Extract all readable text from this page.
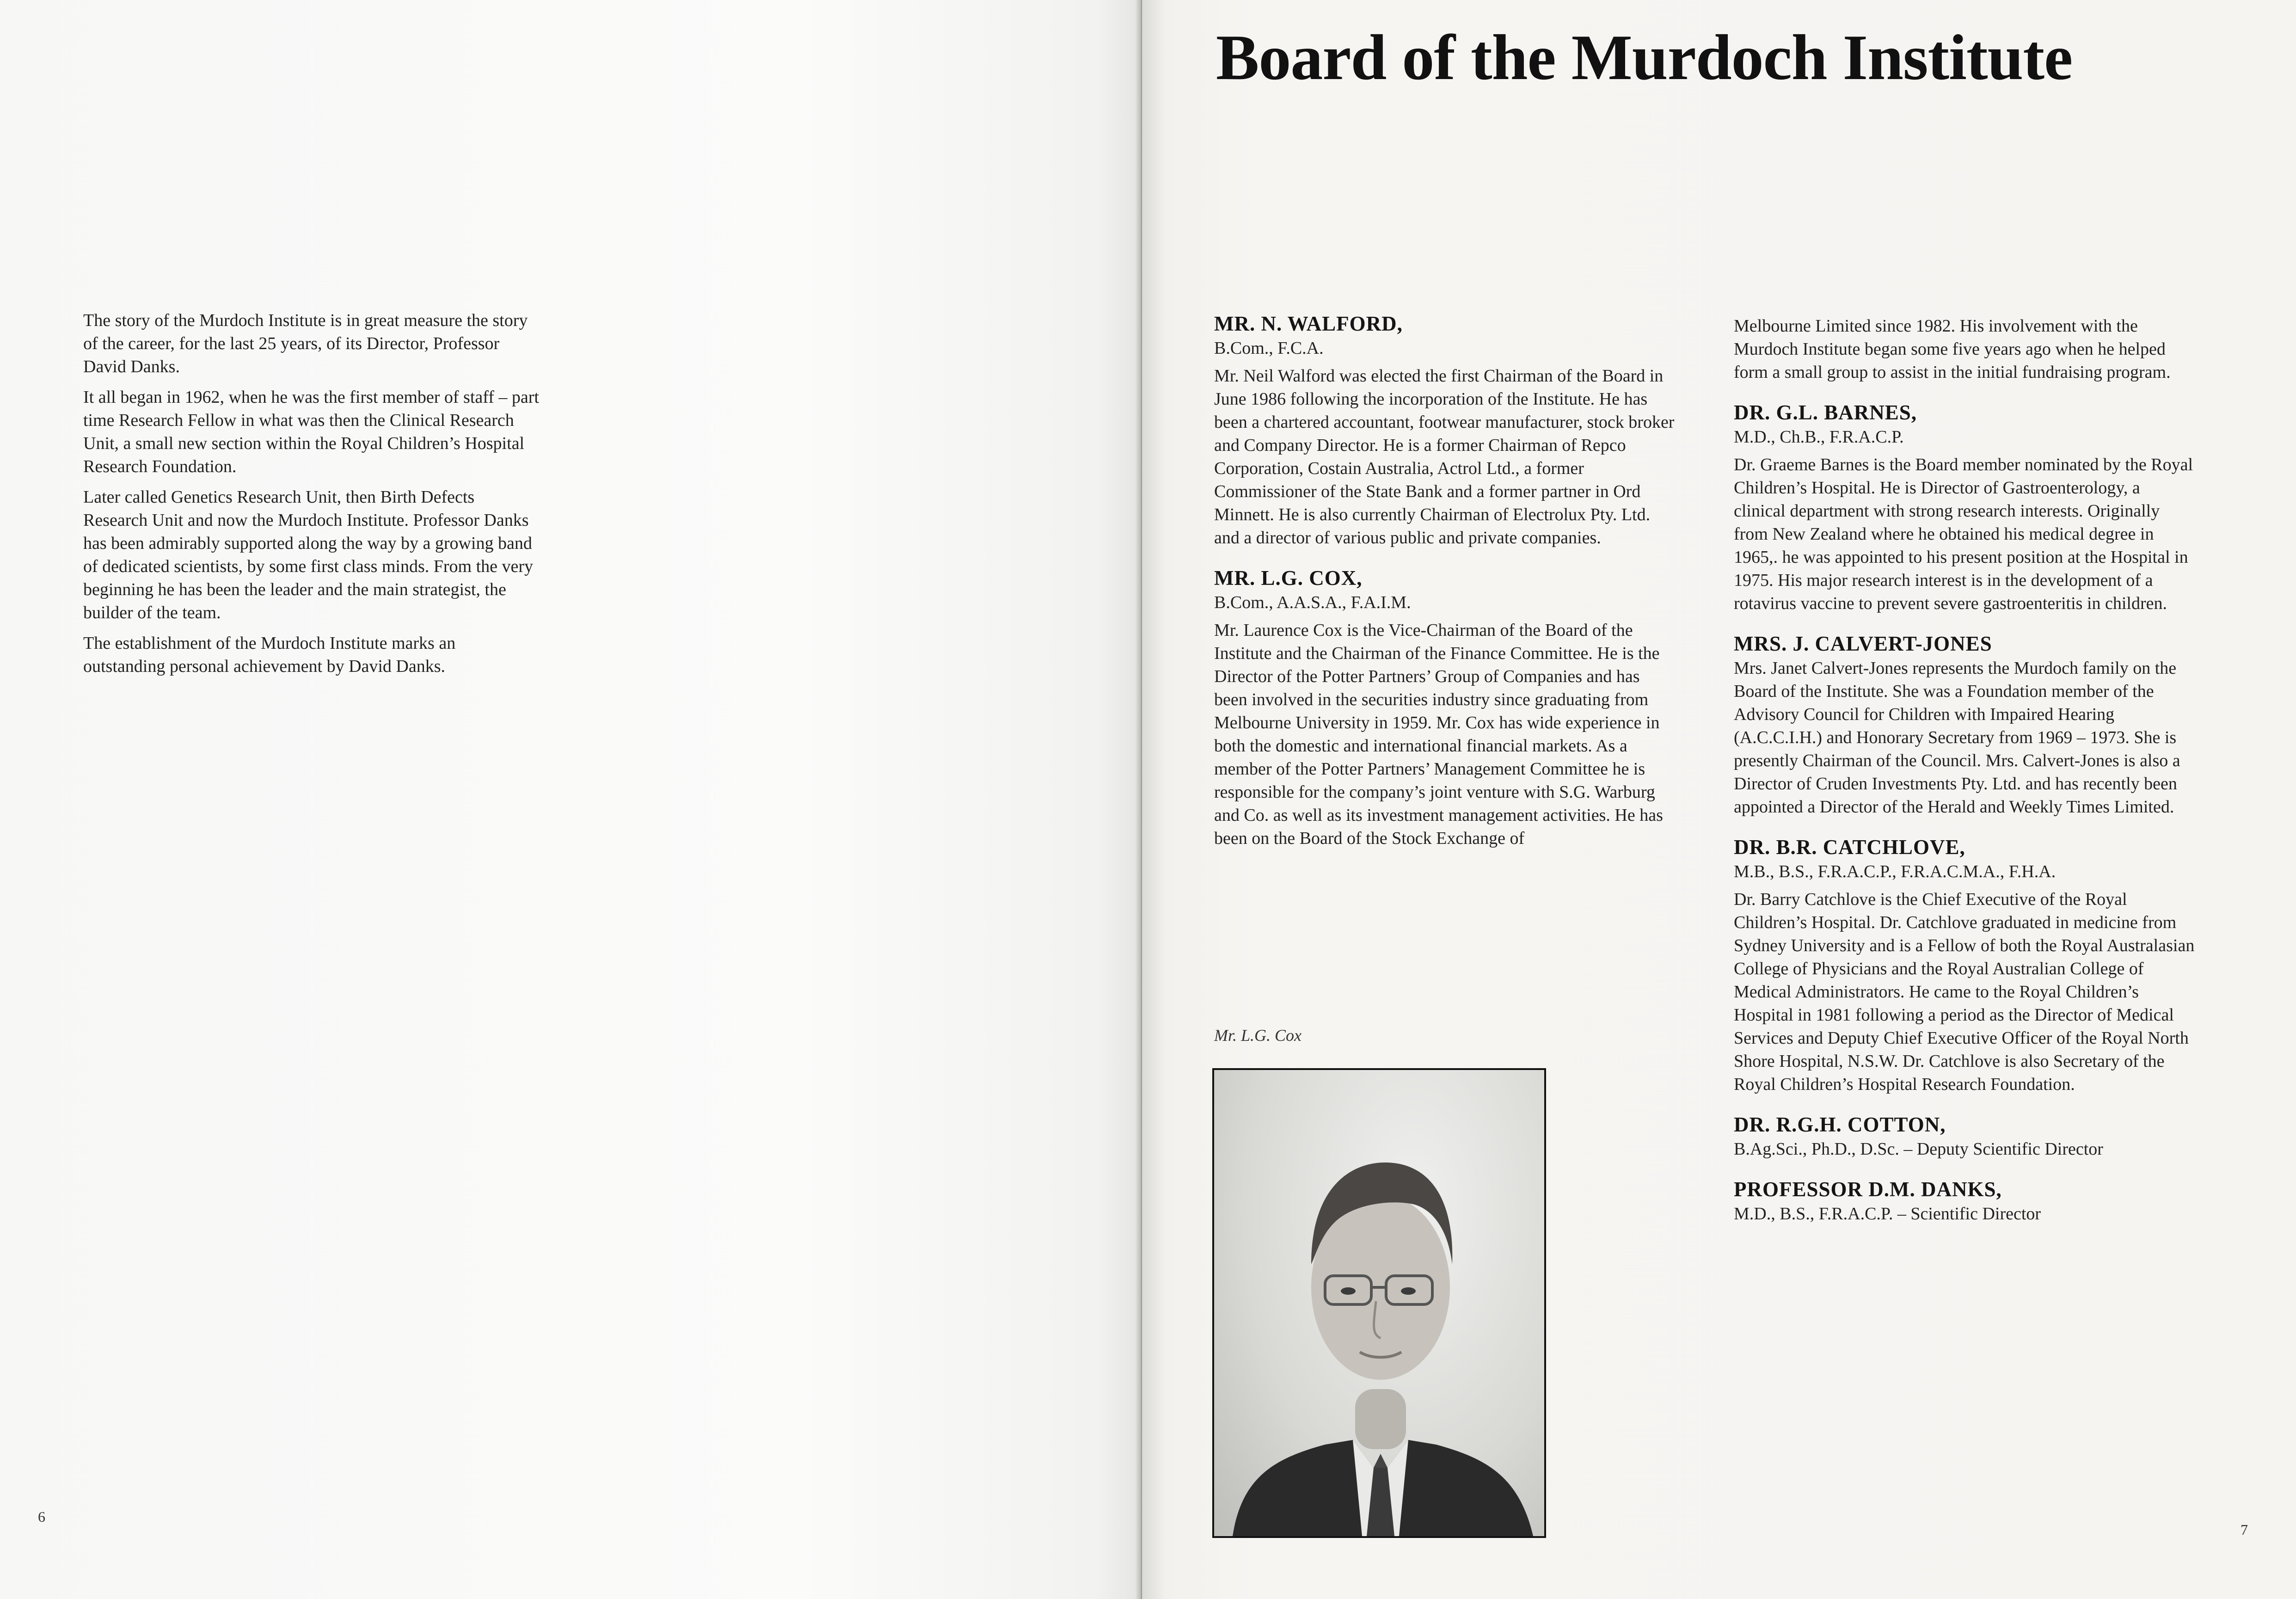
The story of the Murdoch Institute is in great measure the story of the career, for the last 25 years, of its Director, Professor David Danks.

It all began in 1962, when he was the first member of staff – part time Research Fellow in what was then the Clinical Research Unit, a small new section within the Royal Children’s Hospital Research Foundation.

Later called Genetics Research Unit, then Birth Defects Research Unit and now the Murdoch Institute. Professor Danks has been admirably supported along the way by a growing band of dedicated scientists, by some first class minds. From the very beginning he has been the leader and the main strategist, the builder of the team.

The establishment of the Murdoch Institute marks an outstanding personal achievement by David Danks.

6
Board of the Murdoch Institute
MR. N. WALFORD,

B.Com., F.C.A.

Mr. Neil Walford was elected the first Chairman of the Board in June 1986 following the incorporation of the Institute. He has been a chartered accountant, footwear manufacturer, stock broker and Company Director. He is a former Chairman of Repco Corporation, Costain Australia, Actrol Ltd., a former Commissioner of the State Bank and a former partner in Ord Minnett. He is also currently Chairman of Electrolux Pty. Ltd. and a director of various public and private companies.

MR. L.G. COX,

B.Com., A.A.S.A., F.A.I.M.

Mr. Laurence Cox is the Vice-Chairman of the Board of the Institute and the Chairman of the Finance Committee. He is the Director of the Potter Partners’ Group of Companies and has been involved in the securities industry since graduating from Melbourne University in 1959. Mr. Cox has wide experience in both the domestic and international financial markets. As a member of the Potter Partners’ Management Committee he is responsible for the company’s joint venture with S.G. Warburg and Co. as well as its investment management activities. He has been on the Board of the Stock Exchange of

Mr. L.G. Cox

Melbourne Limited since 1982. His involvement with the Murdoch Institute began some five years ago when he helped form a small group to assist in the initial fundraising program.

DR. G.L. BARNES,

M.D., Ch.B., F.R.A.C.P.

Dr. Graeme Barnes is the Board member nominated by the Royal Children’s Hospital. He is Director of Gastroenterology, a clinical department with strong research interests. Originally from New Zealand where he obtained his medical degree in 1965,. he was appointed to his present position at the Hospital in 1975. His major research interest is in the development of a rotavirus vaccine to prevent severe gastroenteritis in children.

MRS. J. CALVERT-JONES

Mrs. Janet Calvert-Jones represents the Murdoch family on the Board of the Institute. She was a Foundation member of the Advisory Council for Children with Impaired Hearing (A.C.C.I.H.) and Honorary Secretary from 1969 – 1973. She is presently Chairman of the Council. Mrs. Calvert-Jones is also a Director of Cruden Investments Pty. Ltd. and has recently been appointed a Director of the Herald and Weekly Times Limited.

DR. B.R. CATCHLOVE,

M.B., B.S., F.R.A.C.P., F.R.A.C.M.A., F.H.A.

Dr. Barry Catchlove is the Chief Executive of the Royal Children’s Hospital. Dr. Catchlove graduated in medicine from Sydney University and is a Fellow of both the Royal Australasian College of Physicians and the Royal Australian College of Medical Administrators. He came to the Royal Children’s Hospital in 1981 following a period as the Director of Medical Services and Deputy Chief Executive Officer of the Royal North Shore Hospital, N.S.W. Dr. Catchlove is also Secretary of the Royal Children’s Hospital Research Foundation.

DR. R.G.H. COTTON,

B.Ag.Sci., Ph.D., D.Sc. – Deputy Scientific Director

PROFESSOR D.M. DANKS,

M.D., B.S., F.R.A.C.P. – Scientific Director

7
